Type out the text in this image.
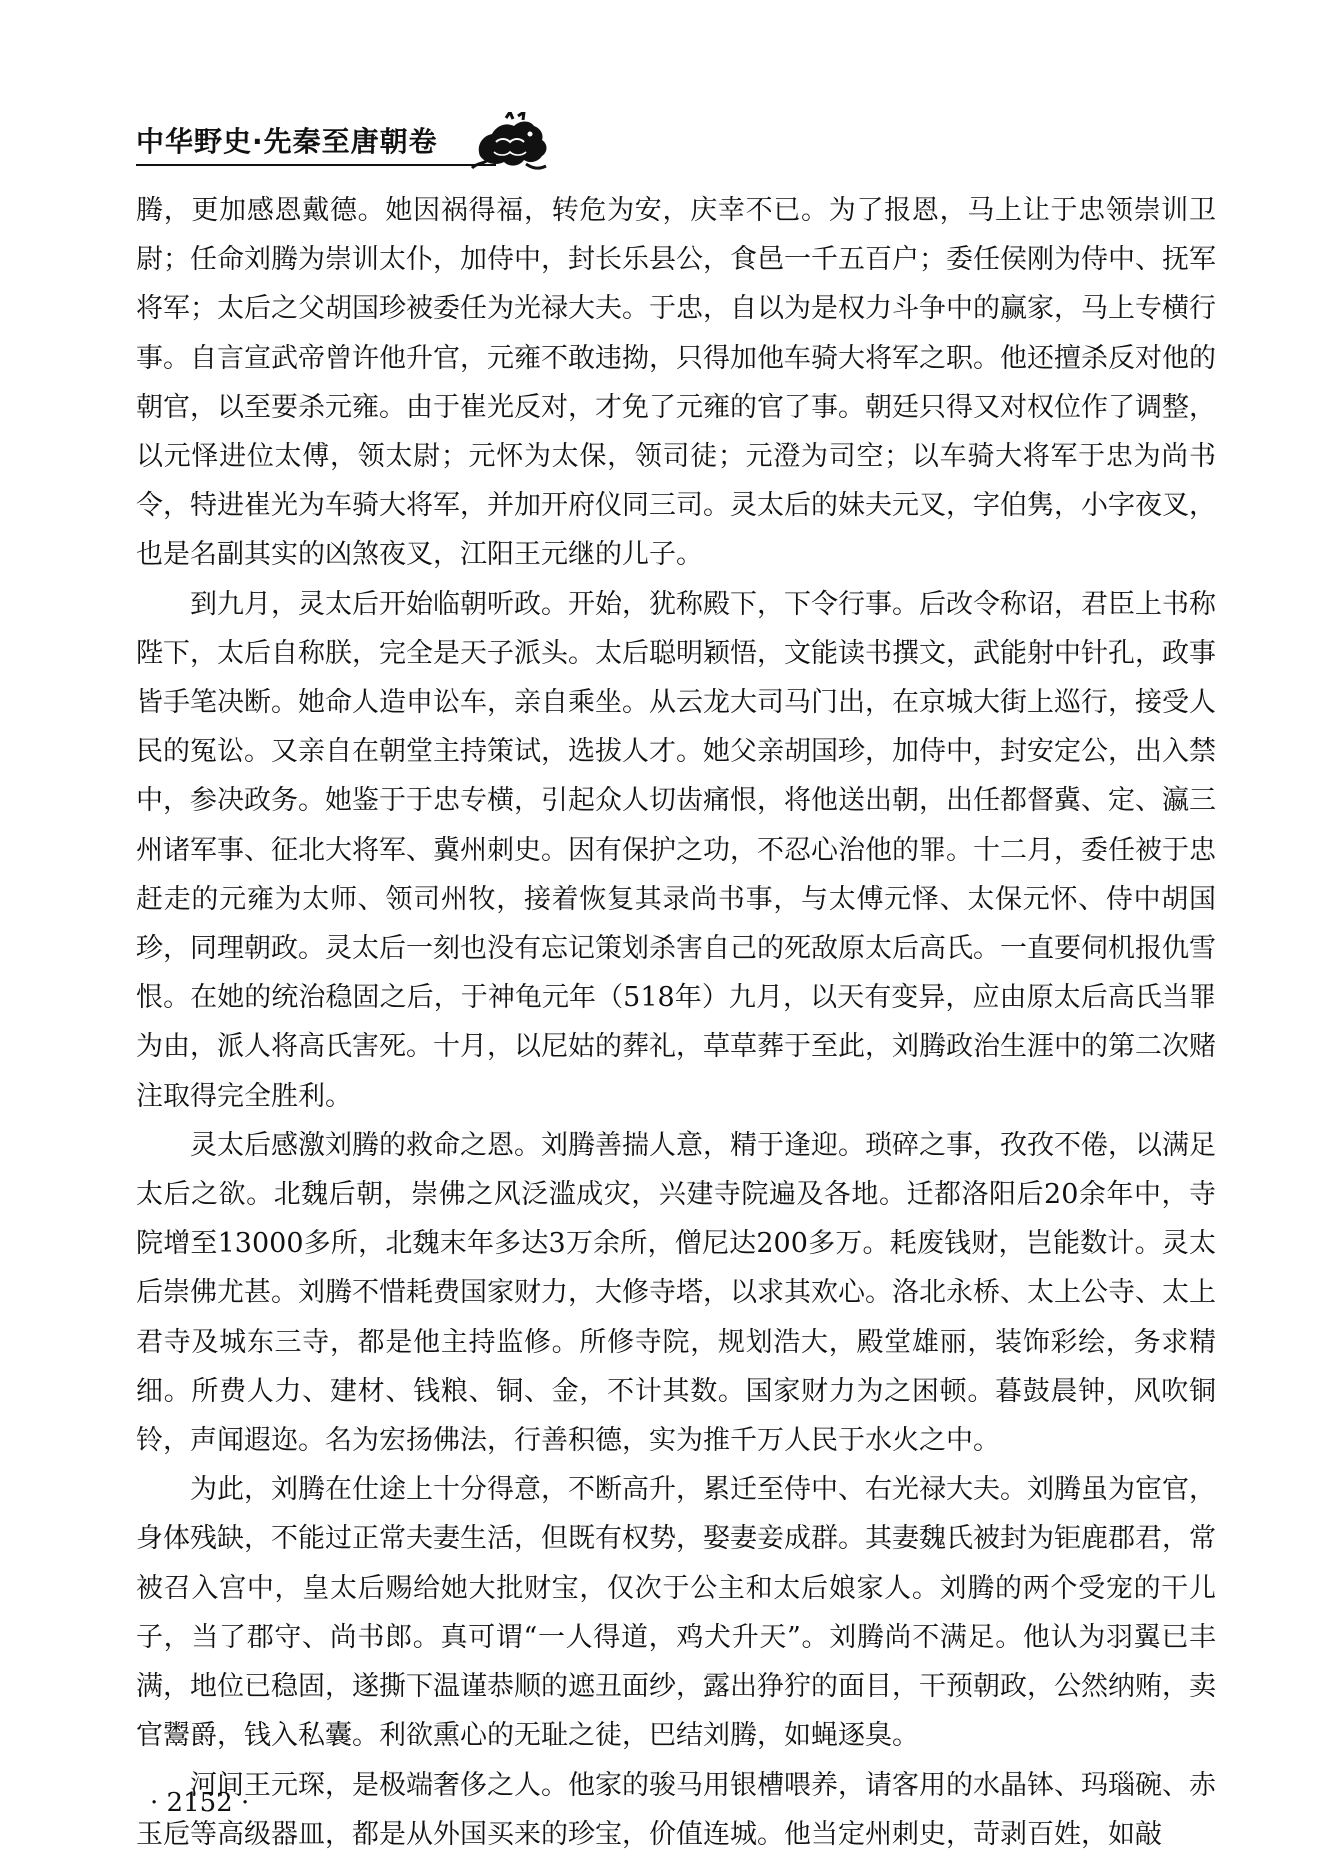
中华野史·先秦至唐朝卷

腾，更加感恩戴德。她因祸得福，转危为安，庆幸不已。为了报恩，马上让于忠领崇训卫尉；任命刘腾为崇训太仆，加侍中，封长乐县公，食邑一千五百户；委任侯刚为侍中、抚军将军；太后之父胡国珍被委任为光禄大夫。于忠，自以为是权力斗争中的赢家，马上专横行事。自言宣武帝曾许他升官，元雍不敢违拗，只得加他车骑大将军之职。他还擅杀反对他的朝官，以至要杀元雍。由于崔光反对，才免了元雍的官了事。朝廷只得又对权位作了调整，以元怿进位太傅，领太尉；元怀为太保，领司徒；元澄为司空；以车骑大将军于忠为尚书令，特进崔光为车骑大将军，并加开府仪同三司。灵太后的妹夫元叉，字伯隽，小字夜叉，也是名副其实的凶煞夜叉，江阳王元继的儿子。

到九月，灵太后开始临朝听政。开始，犹称殿下，下令行事。后改令称诏，君臣上书称陛下，太后自称朕，完全是天子派头。太后聪明颖悟，文能读书撰文，武能射中针孔，政事皆手笔决断。她命人造申讼车，亲自乘坐。从云龙大司马门出，在京城大街上巡行，接受人民的冤讼。又亲自在朝堂主持策试，选拔人才。她父亲胡国珍，加侍中，封安定公，出入禁中，参决政务。她鉴于于忠专横，引起众人切齿痛恨，将他送出朝，出任都督冀、定、瀛三州诸军事、征北大将军、冀州刺史。因有保护之功，不忍心治他的罪。十二月，委任被于忠赶走的元雍为太师、领司州牧，接着恢复其录尚书事，与太傅元怿、太保元怀、侍中胡国珍，同理朝政。灵太后一刻也没有忘记策划杀害自己的死敌原太后高氏。一直要伺机报仇雪恨。在她的统治稳固之后，于神龟元年（518年）九月，以天有变异，应由原太后高氏当罪为由，派人将高氏害死。十月，以尼姑的葬礼，草草葬于至此，刘腾政治生涯中的第二次赌注取得完全胜利。

灵太后感激刘腾的救命之恩。刘腾善揣人意，精于逢迎。琐碎之事，孜孜不倦，以满足太后之欲。北魏后朝，崇佛之风泛滥成灾，兴建寺院遍及各地。迁都洛阳后20余年中，寺院增至13000多所，北魏末年多达3万余所，僧尼达200多万。耗废钱财，岂能数计。灵太后崇佛尤甚。刘腾不惜耗费国家财力，大修寺塔，以求其欢心。洛北永桥、太上公寺、太上君寺及城东三寺，都是他主持监修。所修寺院，规划浩大，殿堂雄丽，装饰彩绘，务求精细。所费人力、建材、钱粮、铜、金，不计其数。国家财力为之困顿。暮鼓晨钟，风吹铜铃，声闻遐迩。名为宏扬佛法，行善积德，实为推千万人民于水火之中。

为此，刘腾在仕途上十分得意，不断高升，累迁至侍中、右光禄大夫。刘腾虽为宦官，身体残缺，不能过正常夫妻生活，但既有权势，娶妻妾成群。其妻魏氏被封为钜鹿郡君，常被召入宫中，皇太后赐给她大批财宝，仅次于公主和太后娘家人。刘腾的两个受宠的干儿子，当了郡守、尚书郎。真可谓“一人得道，鸡犬升天”。刘腾尚不满足。他认为羽翼已丰满，地位已稳固，遂撕下温谨恭顺的遮丑面纱，露出狰狞的面目，干预朝政，公然纳贿，卖官鬻爵，钱入私囊。利欲熏心的无耻之徒，巴结刘腾，如蝇逐臭。

河间王元琛，是极端奢侈之人。他家的骏马用银槽喂养，请客用的水晶钵、玛瑙碗、赤玉卮等高级器皿，都是从外国买来的珍宝，价值连城。他当定州刺史，苛剥百姓，如敲

· 2152 ·
